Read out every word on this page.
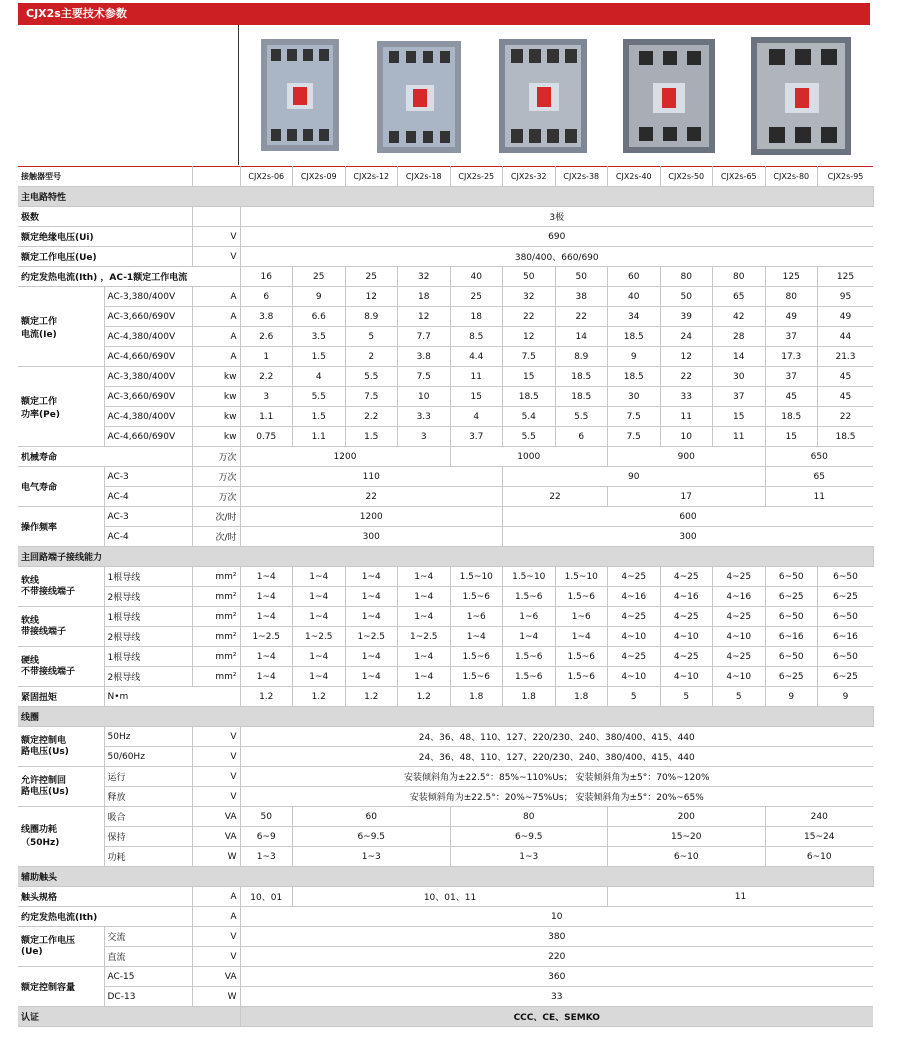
CJX2s主要技术参数
接触器型号			CJX2s-06	CJX2s-09	CJX2s-12	CJX2s-18	CJX2s-25	CJX2s-32	CJX2s-38	CJX2s-40	CJX2s-50	CJX2s-65	CJX2s-80	CJX2s-95
主电路特性														
极数			3极											
额定绝缘电压(Ui)		V	690											
额定工作电压(Ue)		V	380/400、660/690											
约定发热电流(Ith) ，AC-1额定工作电流			16	25	25	32	40	50	50	60	80	80	125	125
额定工作
电流(Ie)	AC-3,380/400V	A	6	9	12	18	25	32	38	40	50	65	80	95
	AC-3,660/690V	A	3.8	6.6	8.9	12	18	22	22	34	39	42	49	49
	AC-4,380/400V	A	2.6	3.5	5	7.7	8.5	12	14	18.5	24	28	37	44
	AC-4,660/690V	A	1	1.5	2	3.8	4.4	7.5	8.9	9	12	14	17.3	21.3
额定工作
功率(Pe)	AC-3,380/400V	kw	2.2	4	5.5	7.5	11	15	18.5	18.5	22	30	37	45
	AC-3,660/690V	kw	3	5.5	7.5	10	15	18.5	18.5	30	33	37	45	45
	AC-4,380/400V	kw	1.1	1.5	2.2	3.3	4	5.4	5.5	7.5	11	15	18.5	22
	AC-4,660/690V	kw	0.75	1.1	1.5	3	3.7	5.5	6	7.5	10	11	15	18.5
机械寿命		万次	1200				1000			900			650	
电气寿命	AC-3	万次	110					90					65	
	AC-4	万次	22					22		17			11	
操作频率	AC-3	次/时	1200					600						
	AC-4	次/时	300					300						
主回路端子接线能力														
软线
不带接线端子	1根导线	mm²	1~4	1~4	1~4	1~4	1.5~10	1.5~10	1.5~10	4~25	4~25	4~25	6~50	6~50
	2根导线	mm²	1~4	1~4	1~4	1~4	1.5~6	1.5~6	1.5~6	4~16	4~16	4~16	6~25	6~25
软线
带接线端子	1根导线	mm²	1~4	1~4	1~4	1~4	1~6	1~6	1~6	4~25	4~25	4~25	6~50	6~50
	2根导线	mm²	1~2.5	1~2.5	1~2.5	1~2.5	1~4	1~4	1~4	4~10	4~10	4~10	6~16	6~16
硬线
不带接线端子	1根导线	mm²	1~4	1~4	1~4	1~4	1.5~6	1.5~6	1.5~6	4~25	4~25	4~25	6~50	6~50
	2根导线	mm²	1~4	1~4	1~4	1~4	1.5~6	1.5~6	1.5~6	4~10	4~10	4~10	6~25	6~25
紧固扭矩	N•m		1.2	1.2	1.2	1.2	1.8	1.8	1.8	5	5	5	9	9
线圈														
额定控制电
路电压(Us)	50Hz	V	24、36、48、110、127、220/230、240、380/400、415、440											
	50/60Hz	V	24、36、48、110、127、220/230、240、380/400、415、440											
允许控制回
路电压(Us)	运行	V	安装倾斜角为±22.5°：85%~110%Us； 安装倾斜角为±5°：70%~120%											
	释放	V	安装倾斜角为±22.5°：20%~75%Us； 安装倾斜角为±5°：20%~65%											
线圈功耗
（50Hz)	吸合	VA	50	60			80			200			240	
	保持	VA	6~9	6~9.5			6~9.5			15~20			15~24	
	功耗	W	1~3	1~3			1~3			6~10			6~10	
辅助触头														
触头规格		A	10、01	10、01、11						11				
约定发热电流(Ith)		A	10											
额定工作电压
(Ue)	交流	V	380											
	直流	V	220											
额定控制容量	AC-15	VA	360											
	DC-13	W	33											
认证			CCC、CE、SEMKO											
